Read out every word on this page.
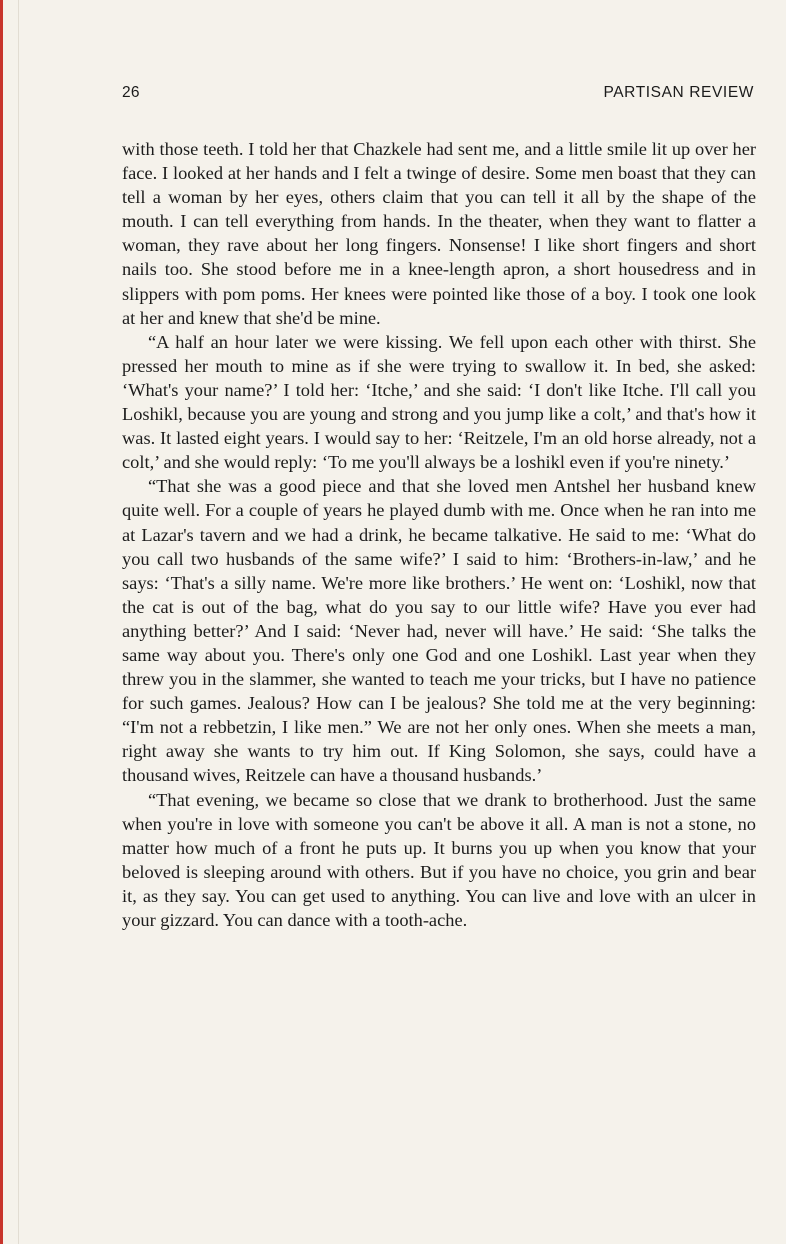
26	PARTISAN REVIEW

with those teeth. I told her that Chazkele had sent me, and a little smile lit up over her face. I looked at her hands and I felt a twinge of desire. Some men boast that they can tell a woman by her eyes, others claim that you can tell it all by the shape of the mouth. I can tell everything from hands. In the theater, when they want to flatter a woman, they rave about her long fingers. Nonsense! I like short fingers and short nails too. She stood before me in a knee-length apron, a short housedress and in slippers with pom poms. Her knees were pointed like those of a boy. I took one look at her and knew that she'd be mine.

“A half an hour later we were kissing. We fell upon each other with thirst. She pressed her mouth to mine as if she were trying to swallow it. In bed, she asked: ‘What's your name?’ I told her: ‘Itche,’ and she said: ‘I don't like Itche. I'll call you Loshikl, because you are young and strong and you jump like a colt,’ and that's how it was. It lasted eight years. I would say to her: ‘Reitzele, I'm an old horse already, not a colt,’ and she would reply: ‘To me you'll always be a loshikl even if you're ninety.’

“That she was a good piece and that she loved men Antshel her husband knew quite well. For a couple of years he played dumb with me. Once when he ran into me at Lazar's tavern and we had a drink, he became talkative. He said to me: ‘What do you call two husbands of the same wife?’ I said to him: ‘Brothers-in-law,’ and he says: ‘That's a silly name. We're more like brothers.’ He went on: ‘Loshikl, now that the cat is out of the bag, what do you say to our little wife? Have you ever had anything better?’ And I said: ‘Never had, never will have.’ He said: ‘She talks the same way about you. There's only one God and one Loshikl. Last year when they threw you in the slammer, she wanted to teach me your tricks, but I have no patience for such games. Jealous? How can I be jealous? She told me at the very beginning: “I'm not a rebbetzin, I like men.” We are not her only ones. When she meets a man, right away she wants to try him out. If King Solomon, she says, could have a thousand wives, Reitzele can have a thousand husbands.’

“That evening, we became so close that we drank to brotherhood. Just the same when you're in love with someone you can't be above it all. A man is not a stone, no matter how much of a front he puts up. It burns you up when you know that your beloved is sleeping around with others. But if you have no choice, you grin and bear it, as they say. You can get used to anything. You can live and love with an ulcer in your gizzard. You can dance with a tooth-ache.
